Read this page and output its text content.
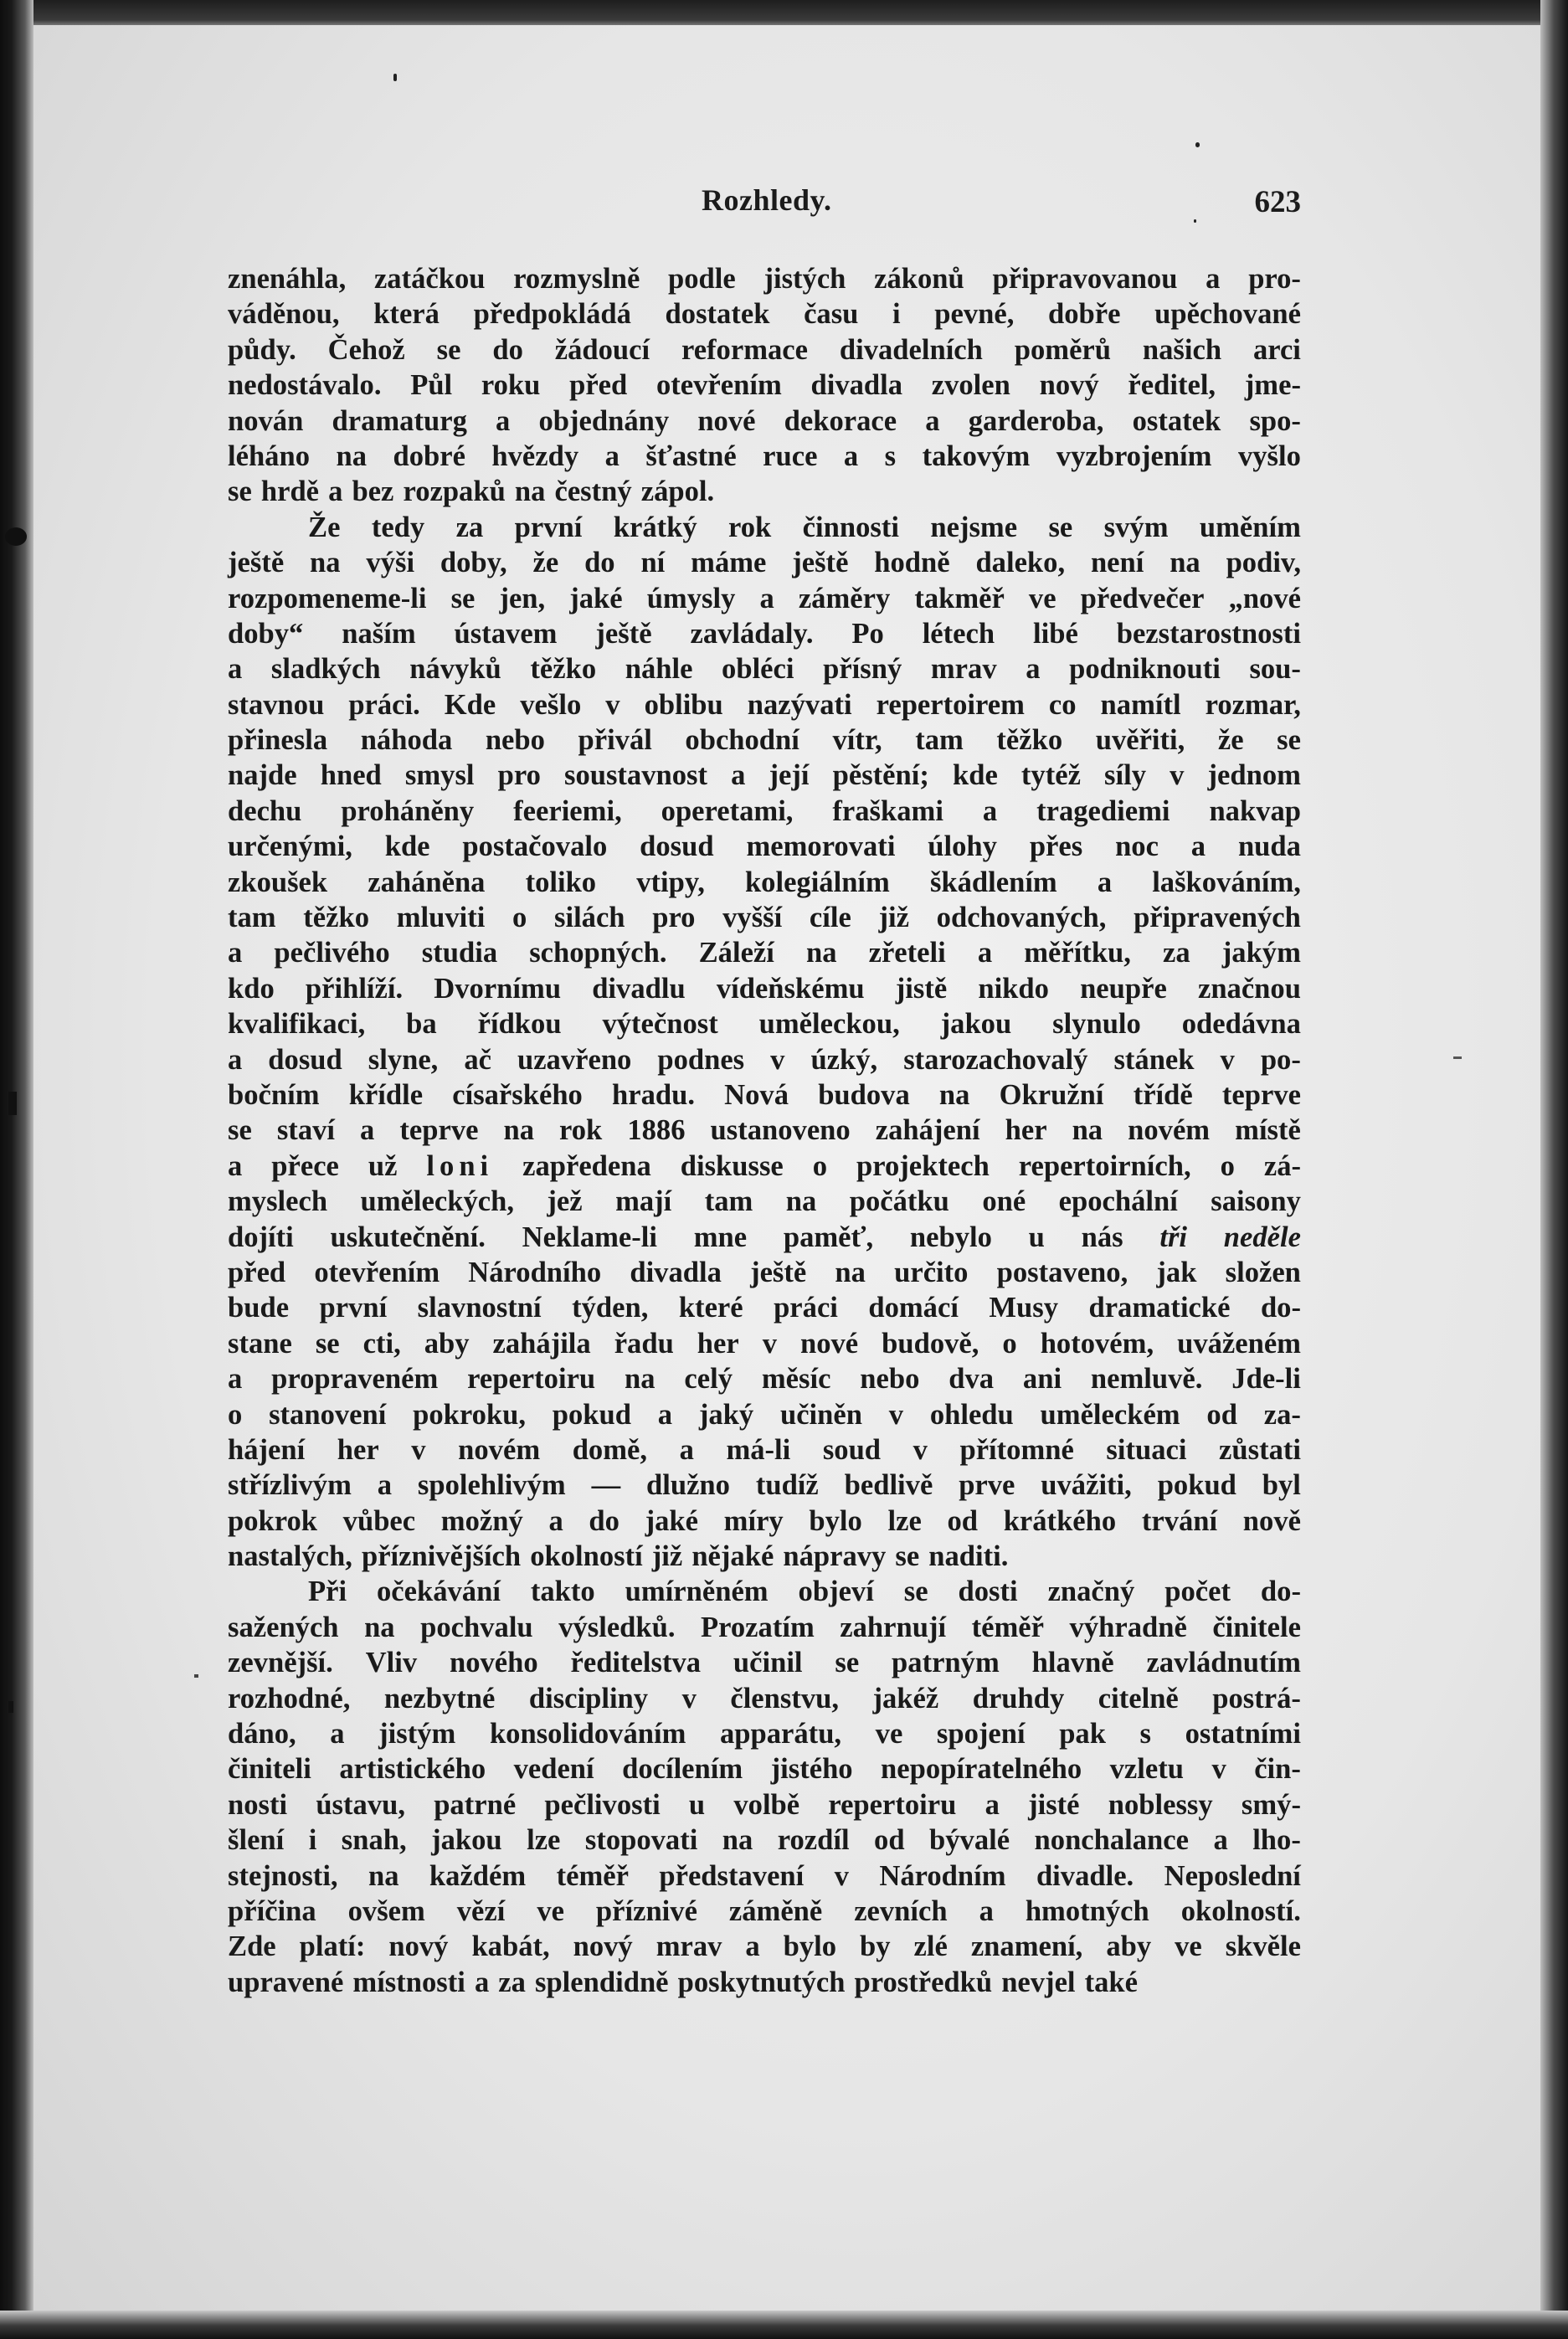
Rozhledy.	623
znenáhla, zatáčkou rozmyslně podle jistých zákonů připravovanou a pro-
váděnou, která předpokládá dostatek času i pevné, dobře upěchované
půdy. Čehož se do žádoucí reformace divadelních poměrů našich arci
nedostávalo. Půl roku před otevřením divadla zvolen nový ředitel, jme-
nován dramaturg a objednány nové dekorace a garderoba, ostatek spo-
léháno na dobré hvězdy a šťastné ruce a s takovým vyzbrojením vyšlo
se hrdě a bez rozpaků na čestný zápol.
Že tedy za první krátký rok činnosti nejsme se svým uměním
ještě na výši doby, že do ní máme ještě hodně daleko, není na podiv,
rozpomeneme-li se jen, jaké úmysly a záměry takměř ve předvečer „nové
doby“ naším ústavem ještě zavládaly. Po létech libé bezstarostnosti
a sladkých návyků těžko náhle obléci přísný mrav a podniknouti sou-
stavnou práci. Kde vešlo v oblibu nazývati repertoirem co namítl rozmar,
přinesla náhoda nebo přivál obchodní vítr, tam těžko uvěřiti, že se
najde hned smysl pro soustavnost a její pěstění; kde tytéž síly v jednom
dechu proháněny feeriemi, operetami, fraškami a tragediemi nakvap
určenými, kde postačovalo dosud memorovati úlohy přes noc a nuda
zkoušek zaháněna toliko vtipy, kolegiálním škádlením a laškováním,
tam těžko mluviti o silách pro vyšší cíle již odchovaných, připravených
a pečlivého studia schopných. Záleží na zřeteli a měřítku, za jakým
kdo přihlíží. Dvornímu divadlu vídeňskému jistě nikdo neupře značnou
kvalifikaci, ba řídkou výtečnost uměleckou, jakou slynulo odedávna
a dosud slyne, ač uzavřeno podnes v úzký, starozachovalý stánek v po-
bočním křídle císařského hradu. Nová budova na Okružní třídě teprve
se staví a teprve na rok 1886 ustanoveno zahájení her na novém místě
a přece už loni zapředena diskusse o projektech repertoirních, o zá-
myslech uměleckých, jež mají tam na počátku oné epochální saisony
dojíti uskutečnění. Neklame-li mne paměť, nebylo u nás tři neděle
před otevřením Národního divadla ještě na určito postaveno, jak složen
bude první slavnostní týden, které práci domácí Musy dramatické do-
stane se cti, aby zahájila řadu her v nové budově, o hotovém, uváženém
a propraveném repertoiru na celý měsíc nebo dva ani nemluvě. Jde-li
o stanovení pokroku, pokud a jaký učiněn v ohledu uměleckém od za-
hájení her v novém domě, a má-li soud v přítomné situaci zůstati
střízlivým a spolehlivým — dlužno tudíž bedlivě prve uvážiti, pokud byl
pokrok vůbec možný a do jaké míry bylo lze od krátkého trvání nově
nastalých, příznivějších okolností již nějaké nápravy se naditi.
Při očekávání takto umírněném objeví se dosti značný počet do-
sažených na pochvalu výsledků. Prozatím zahrnují téměř výhradně činitele
zevnější. Vliv nového ředitelstva učinil se patrným hlavně zavládnutím
rozhodné, nezbytné discipliny v členstvu, jakéž druhdy citelně postrá-
dáno, a jistým konsolidováním apparátu, ve spojení pak s ostatními
činiteli artistického vedení docílením jistého nepopíratelného vzletu v čin-
nosti ústavu, patrné pečlivosti u volbě repertoiru a jisté noblessy smý-
šlení i snah, jakou lze stopovati na rozdíl od bývalé nonchalance a lho-
stejnosti, na každém téměř představení v Národním divadle. Neposlední
příčina ovšem vězí ve příznivé záměně zevních a hmotných okolností.
Zde platí: nový kabát, nový mrav a bylo by zlé znamení, aby ve skvěle
upravené místnosti a za splendidně poskytnutých prostředků nevjel také
